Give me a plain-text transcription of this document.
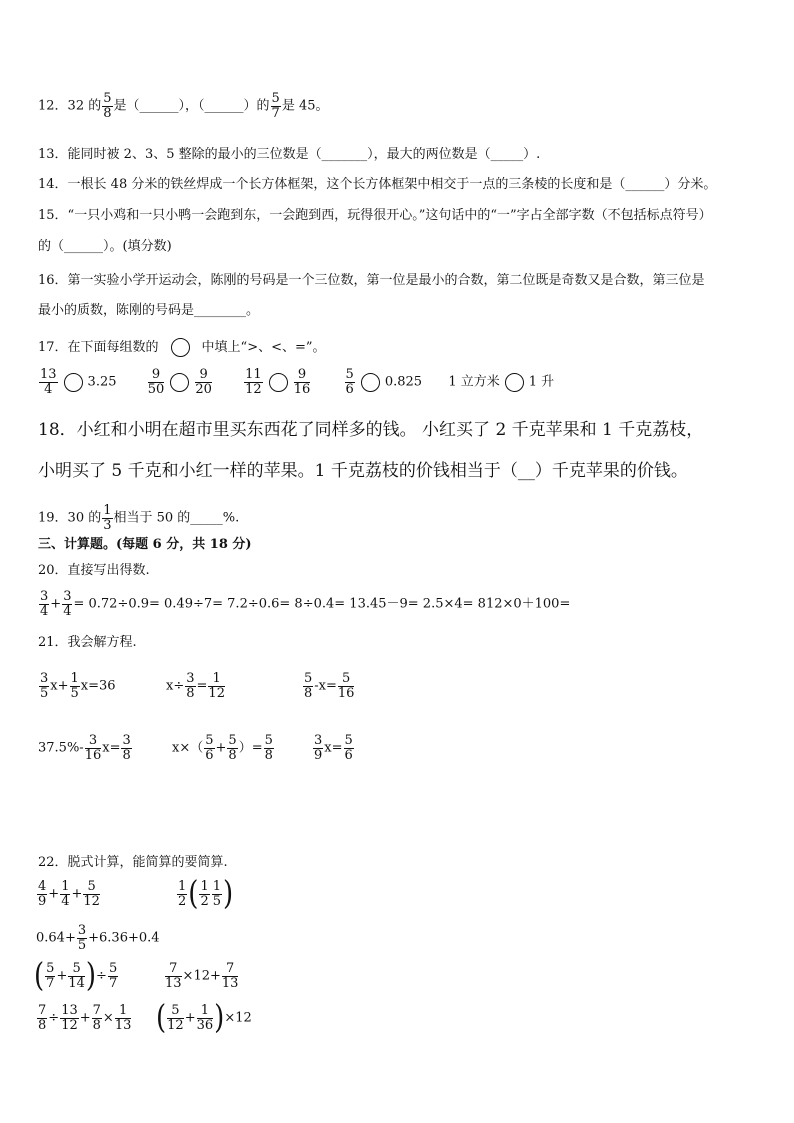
12．32 的 $\frac{5}{8}$ 是（______），（______）的 $\frac{5}{7}$ 是 45。
13．能同时被 2、3、5 整除的最小的三位数是（_______），最大的两位数是（_____）.
14．一根长 48 分米的铁丝焊成一个长方体框架，这个长方体框架中相交于一点的三条棱的长度和是（______）分米。
15．“一只小鸡和一只小鸭一会跑到东，一会跑到西，玩得很开心。”这句话中的“一”字占全部字数（不包括标点符号）
的（______）。(填分数)
16．第一实验小学开运动会，陈刚的号码是一个三位数，第一位是最小的合数，第二位既是奇数又是合数，第三位是
最小的质数，陈刚的号码是________。
17．在下面每组数的	中填上“>、<、=”。
$\frac{13}{4} 3.25 \frac{9}{50} \frac{9}{20}$
$\frac{11}{12} \frac{9}{16}$
	$\frac{5}{6} 0.825$ 1 立方米 1 升
18．小红和小明在超市里买东西花了同样多的钱。 小红买了 2 千克苹果和 1 千克荔枝，
小明买了 5 千克和小红一样的苹果。1 千克荔枝的价钱相当于（__）千克苹果的价钱。
19．30 的 $\frac{1}{3}$ 相当于 50 的_____%.
三、计算题。(每题 6 分，共 18 分)
20．直接写出得数.
$\frac{3}{4} + \frac{3}{4} = 0.72\div 0.9= 0.49\div 7= 7.2\div 0.6= 8\div 0.4= 13.45-9= 2.5\times 4= 812\times 0+100=$
21．我会解方程.
$\frac{3}{5} x+ \frac{1}{5} x=36$	$x\div \frac{3}{8} = \frac{1}{12}$	$\frac{5}{8} -x= \frac{5}{16}$
$37.5\%- \frac{3}{16} x= \frac{3}{8}$	$x\times( \frac{5}{6} + \frac{5}{8}$ ）= $\frac{5}{8}$	$\frac{3}{9} x= \frac{5}{6}$
22．脱式计算，能简算的要简算.
$\frac{4}{9} + \frac{1}{4} + \frac{5}{12}$	$\frac{1}{2}$ ( $\frac{1}{2} \frac{1}{5}$ )
$0.64+ \frac{3}{5} +6.36+0.4$
( $\frac{5}{7} + \frac{5}{14}$ )÷ $\frac{5}{7}$	$\frac{7}{13} \times 12+ \frac{7}{13}$
$\frac{7}{8} \div \frac{13}{12} + \frac{7}{8} \times \frac{1}{13}$ ( $\frac{5}{12} + \frac{1}{36} )\times 12$
